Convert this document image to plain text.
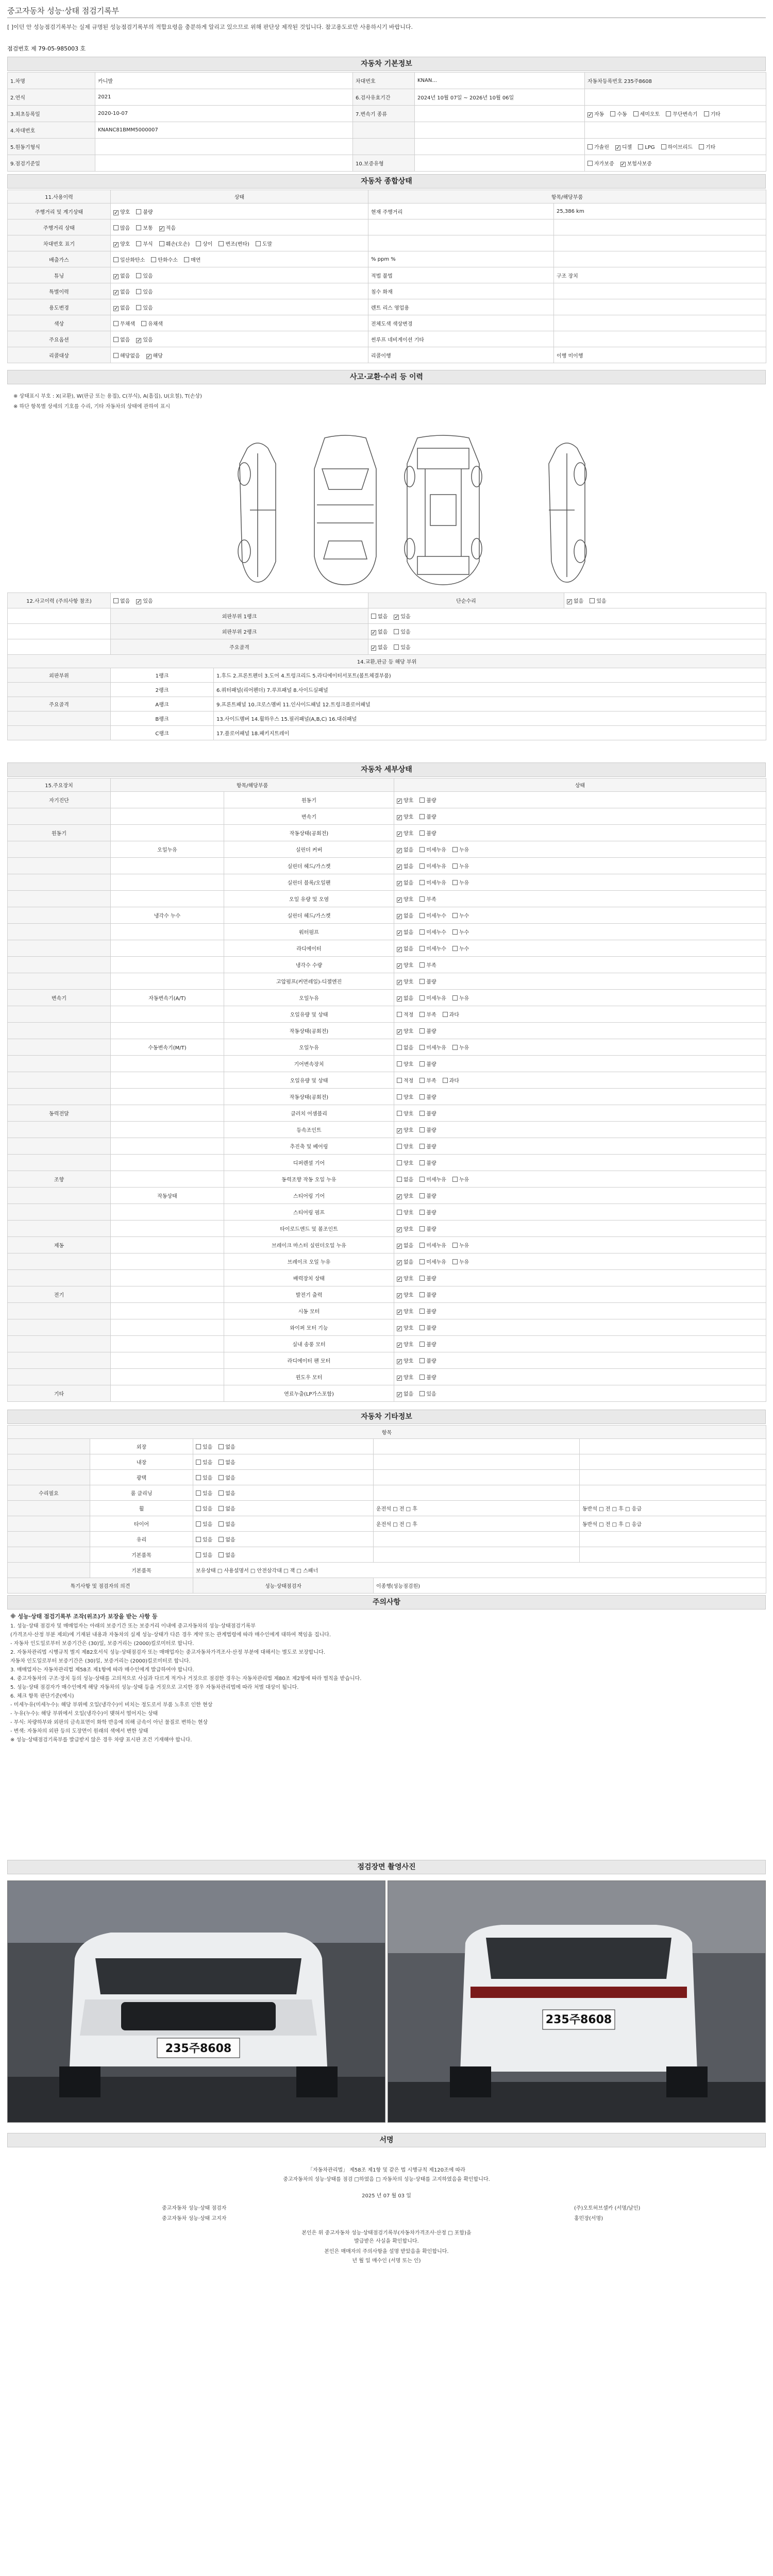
중고자동차 성능·상태 점검기록부
[ ]이던 안 성능점검기록부는 실제 규명된 성능점검기록부의 적합요령을 충분하게 알리고 있으므로 위해 판단상 제작된 것입니다. 참고용도로만 사용하시기 바랍니다.
점검번호 제 79-05-985003 호
자동차 기본정보
1.차명	카니발	차대번호	KNAN...	자동차등록번호 235주8608
2.연식	2021	6.검사유효기간	2024년 10월 07일 ~ 2026년 10월 06일	
3.최초등록일	2020-10-07	7.변속기 종류		✓자동 수동 세미오토 무단변속기 기타
4.차대번호	KNANC81BMM5000007			
5.원동기형식				가솔린 ✓ 디젤 LPG 하이브리드 기타
9.점검기준일		10.보증유형		자가보증 ✓ 보험사보증
자동차 종합상태
11.사용이력	상태	항목/해당부품	
주행거리 및 계기상태	✓양호 불량	현재 주행거리	25,386 km
주행거리 상태	많음 보통 ✓ 적음		
차대번호 표기	✓양호 부식 훼손(오손) 상이 변조(변타) 도말		
배출가스	일산화탄소 탄화수소 매연	% ppm %	
튜닝	✓없음 있음	적법 불법	구조 장치
특별이력	✓없음 있음	침수 화재	
용도변경	✓없음 있음	렌트 리스 영업용	
색상	무채색 유채색	전체도색 색상변경	
주요옵션	없음 ✓ 있음	썬루프 네비게이션 기타	
리콜대상	해당없음 ✓ 해당	리콜이행	이행 미이행
사고·교환·수리 등 이력
※ 상태표시 부호 : X(교환), W(판금 또는 용접), C(부식), A(흠집), U(요철), T(손상)
※ 하단 항목별 상세의 기호를 수리, 기타 자동차의 상태에 관하여 표시
12.사고이력 (주의사항 참조)	없음 ✓ 있음		단순수리	✓없음 있음
	외판부위 1랭크		없음 ✓ 있음
	외판부위 2랭크	✓없음 있음
	주요골격	✓없음 있음
14.교환,판금 등 해당 부위				
외판부위	1랭크	1.후드 2.프론트펜더 3.도어 4.트렁크리드 5.라디에이터서포트(볼트체결부품)		
	2랭크	6.쿼터패널(리어펜더) 7.루프패널 8.사이드실패널		
주요골격	A랭크	9.프론트패널 10.크로스멤버 11.인사이드패널 12.트렁크플로어패널		
	B랭크	13.사이드멤버 14.휠하우스 15.필러패널(A,B,C) 16.대쉬패널		
	C랭크	17.플로어패널 18.패키지트레이		
자동차 세부상태
15.주요장치	항목/해당부품		상태
자기진단		원동기	✓양호 불량
		변속기	✓양호 불량
원동기		작동상태(공회전)	✓양호 불량
	오일누유	실린더 커버	✓없음 미세누유 누유
		실린더 헤드/가스켓	✓없음 미세누유 누유
		실린더 블록/오일팬	✓없음 미세누유 누유
		오일 유량 및 오염	✓양호 부족
	냉각수 누수	실린더 헤드/가스켓	✓없음 미세누수 누수
		워터펌프	✓없음 미세누수 누수
		라디에이터	✓없음 미세누수 누수
		냉각수 수량	✓양호 부족
		고압펌프(커먼레일)-디젤엔진	✓양호 불량
변속기	자동변속기(A/T)	오일누유	✓없음 미세누유 누유
		오일유량 및 상태	적정 부족 과다
		작동상태(공회전)	✓양호 불량
	수동변속기(M/T)	오일누유	없음 미세누유 누유
		기어변속장치	양호 불량
		오일유량 및 상태	적정 부족 과다
		작동상태(공회전)	양호 불량
동력전달		클러치 어셈블리	양호 불량
		등속조인트	✓양호 불량
		추진축 및 베어링	양호 불량
		디퍼렌셜 기어	양호 불량
조향		동력조향 작동 오일 누유	없음 미세누유 누유
	작동상태	스티어링 기어	✓양호 불량
		스티어링 펌프	양호 불량
		타이로드엔드 및 볼조인트	✓양호 불량
제동		브레이크 마스터 실린더오일 누유	✓없음 미세누유 누유
		브레이크 오일 누유	✓없음 미세누유 누유
		배력장치 상태	✓양호 불량
전기		발전기 출력	✓양호 불량
		시동 모터	✓양호 불량
		와이퍼 모터 기능	✓양호 불량
		실내 송풍 모터	✓양호 불량
		라디에이터 팬 모터	✓양호 불량
		윈도우 모터	✓양호 불량
기타		연료누출(LP가스포함)	✓없음 있음
자동차 기타정보
항목				
	외장	있음 없음		
	내장	있음 없음		
	광택	있음 없음		
수리필요	룸 클리닝	있음 없음		
	휠	있음 없음	운전석 □ 전 □ 후	동반석 □ 전 □ 후 □ 응급
	타이어	있음 없음	운전석 □ 전 □ 후	동반석 □ 전 □ 후 □ 응급
	유리	있음 없음		
	기본품목	있음 없음		
	기본품목	보유상태 □ 사용설명서 □ 안전삼각대 □ 잭 □ 스패너		
특기사항 및 점검자의 의견		성능·상태점검자	이종행(성능점검원)	
주의사항

※ 성능·상태 점검기록부 조작(위조)가 보장을 받는 사항 등

1. 성능·상태 점검자 및 매매업자는 아래의 보증기간 또는 보증거리 이내에 중고자동차의 성능·상태점검기록부

(가격조사·산정 부분 제외)에 기재된 내용과 자동차의 실제 성능·상태가 다른 경우 계약 또는 관계법령에 따라 매수인에게 대하여 책임을 집니다.

- 자동차 인도일로부터 보증기간은 (30)일, 보증거리는 (2000)킬로미터로 합니다.

2. 자동차관리법 시행규칙 별지 제82호서식 성능·상태점검자 또는 매매업자는 중고자동차가격조사·산정 부분에 대해서는 별도로 보장합니다.

자동차 인도일로부터 보증기간은 (30)일, 보증거리는 (2000)킬로미터로 합니다.

3. 매매업자는 자동차관리법 제58조 제1항에 따라 매수인에게 발급하여야 합니다.

4. 중고자동차의 구조·장치 등의 성능·상태를 고의적으로 사실과 다르게 적거나 거짓으로 점검한 경우는 자동차관리법 제80조 제2항에 따라 벌칙을 받습니다.

5. 성능·상태 점검자가 매수인에게 해당 자동차의 성능·상태 등을 거짓으로 고지한 경우 자동차관리법에 따라 처벌 대상이 됩니다.

6. 체크 항목 판단기준(예시)

- 미세누유(미세누수): 해당 부위에 오일(냉각수)이 비치는 정도로서 부품 노후로 인한 현상

- 누유(누수): 해당 부위에서 오일(냉각수)이 맺혀서 떨어지는 상태

- 부식: 차량하부와 외판의 금속표면이 화학 반응에 의해 금속이 아닌 물질로 변하는 현상

- 변색: 자동차의 외판 등의 도장면이 원래의 색에서 변한 상태

※ 성능·상태점검기록부를 발급받지 않은 경우 차량 표시판 조건 기재해야 합니다.

점검장면 촬영사진
235주8608
235주8608
서명
「자동차관리법」 제58조 제1항 및 같은 법 시행규칙 제120조에 따라
중고자동차의 성능·상태를 점검 □하였음 □ 자동차의 성능·상태를 고지하였음을 확인합니다.
2025 년 07 월 03 일
중고자동차 성능·상태 점검자	(주)오토허브셀카 (서명/날인)
중고자동차 성능·상태 고지자	홍민장(서명)
본인은 위 중고자동차 성능·상태점검기록부(자동차가격조사·산정 □ 포함)을
발급받은 사실을 확인합니다.
본인은 매매자의 주의사항을 설명 받았음을 확인합니다.
년 월 일 매수인 (서명 또는 인)
